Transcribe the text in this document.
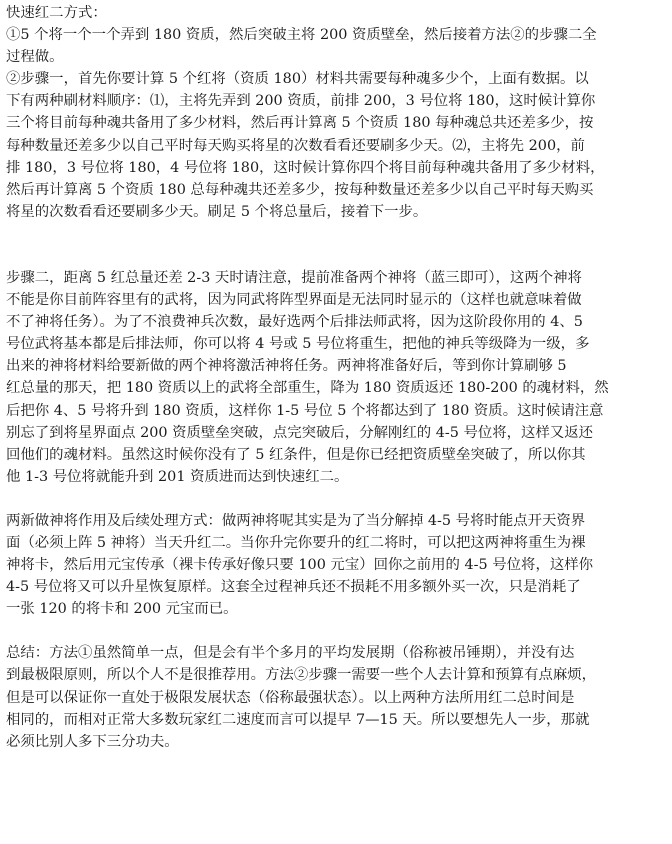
快速红二方式：
①5 个将一个一个弄到 180 资质，然后突破主将 200 资质壁垒，然后接着方法②的步骤二全
过程做。
②步骤一，首先你要计算 5 个红将（资质 180）材料共需要每种魂多少个，上面有数据。以
下有两种刷材料顺序：⑴，主将先弄到 200 资质，前排 200，3 号位将 180，这时候计算你
三个将目前每种魂共备用了多少材料，然后再计算离 5 个资质 180 每种魂总共还差多少，按
每种数量还差多少以自己平时每天购买将星的次数看看还要刷多少天。⑵，主将先 200，前
排 180，3 号位将 180，4 号位将 180，这时候计算你四个将目前每种魂共备用了多少材料，
然后再计算离 5 个资质 180 总每种魂共还差多少，按每种数量还差多少以自己平时每天购买
将星的次数看看还要刷多少天。刷足 5 个将总量后，接着下一步。
步骤二，距离 5 红总量还差 2-3 天时请注意，提前准备两个神将（蓝三即可），这两个神将
不能是你目前阵容里有的武将，因为同武将阵型界面是无法同时显示的（这样也就意味着做
不了神将任务）。为了不浪费神兵次数，最好选两个后排法师武将，因为这阶段你用的 4、5
号位武将基本都是后排法师，你可以将 4 号或 5 号位将重生，把他的神兵等级降为一级，多
出来的神将材料给要新做的两个神将激活神将任务。两神将准备好后，等到你计算刷够 5
红总量的那天，把 180 资质以上的武将全部重生，降为 180 资质返还 180-200 的魂材料，然
后把你 4、5 号将升到 180 资质，这样你 1-5 号位 5 个将都达到了 180 资质。这时候请注意
别忘了到将星界面点 200 资质壁垒突破，点完突破后，分解刚红的 4-5 号位将，这样又返还
回他们的魂材料。虽然这时候你没有了 5 红条件，但是你已经把资质壁垒突破了，所以你其
他 1-3 号位将就能升到 201 资质进而达到快速红二。
两新做神将作用及后续处理方式：做两神将呢其实是为了当分解掉 4-5 号将时能点开天资界
面（必须上阵 5 神将）当天升红二。当你升完你要升的红二将时，可以把这两神将重生为裸
神将卡，然后用元宝传承（裸卡传承好像只要 100 元宝）回你之前用的 4-5 号位将，这样你
4-5 号位将又可以升星恢复原样。这套全过程神兵还不损耗不用多额外买一次，只是消耗了
一张 120 的将卡和 200 元宝而已。
总结：方法①虽然简单一点，但是会有半个多月的平均发展期（俗称被吊锤期），并没有达
到最极限原则，所以个人不是很推荐用。方法②步骤一需要一些个人去计算和预算有点麻烦，
但是可以保证你一直处于极限发展状态（俗称最强状态）。以上两种方法所用红二总时间是
相同的，而相对正常大多数玩家红二速度而言可以提早 7—15 天。所以要想先人一步，那就
必须比别人多下三分功夫。
